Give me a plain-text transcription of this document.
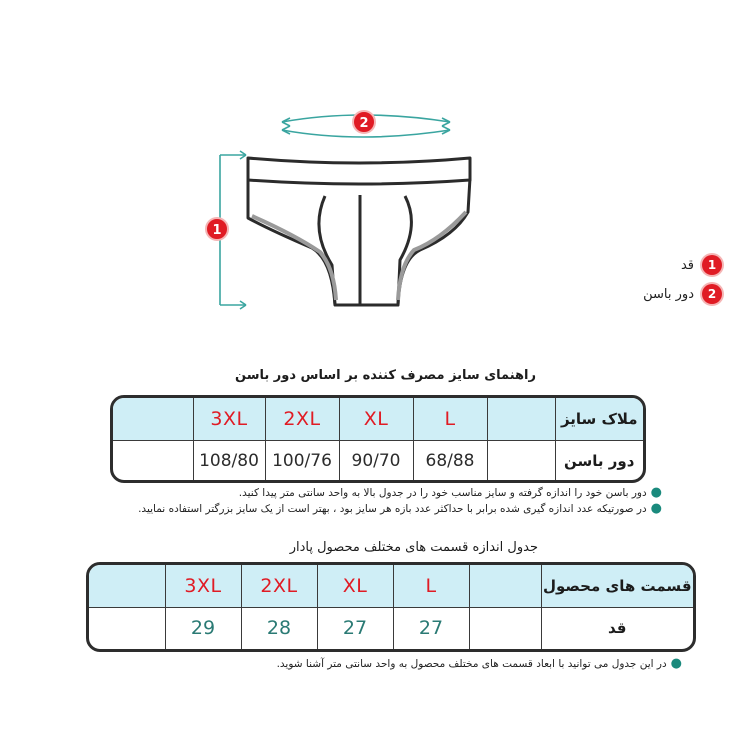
2
1
1
قد
2
دور باسن
راهنمای سایز مصرف کننده بر اساس دور باسن
	3XL	2XL	XL	L		ملاک سایز
	108/80	100/76	90/70	68/88		دور باسن
●دور باسن خود را اندازه گرفته و سایز مناسب خود را در جدول بالا به واحد سانتی متر پیدا کنید.
●در صورتیکه عدد اندازه گیری شده برابر با حداکثر عدد بازه هر سایز بود ، بهتر است از یک سایز بزرگتر استفاده نمایید.
جدول اندازه قسمت های مختلف محصول پادار
	3XL	2XL	XL	L		قسمت های محصول
	29	28	27	27		قد
●در این جدول می توانید با ابعاد قسمت های مختلف محصول به واحد سانتی متر آشنا شوید.
